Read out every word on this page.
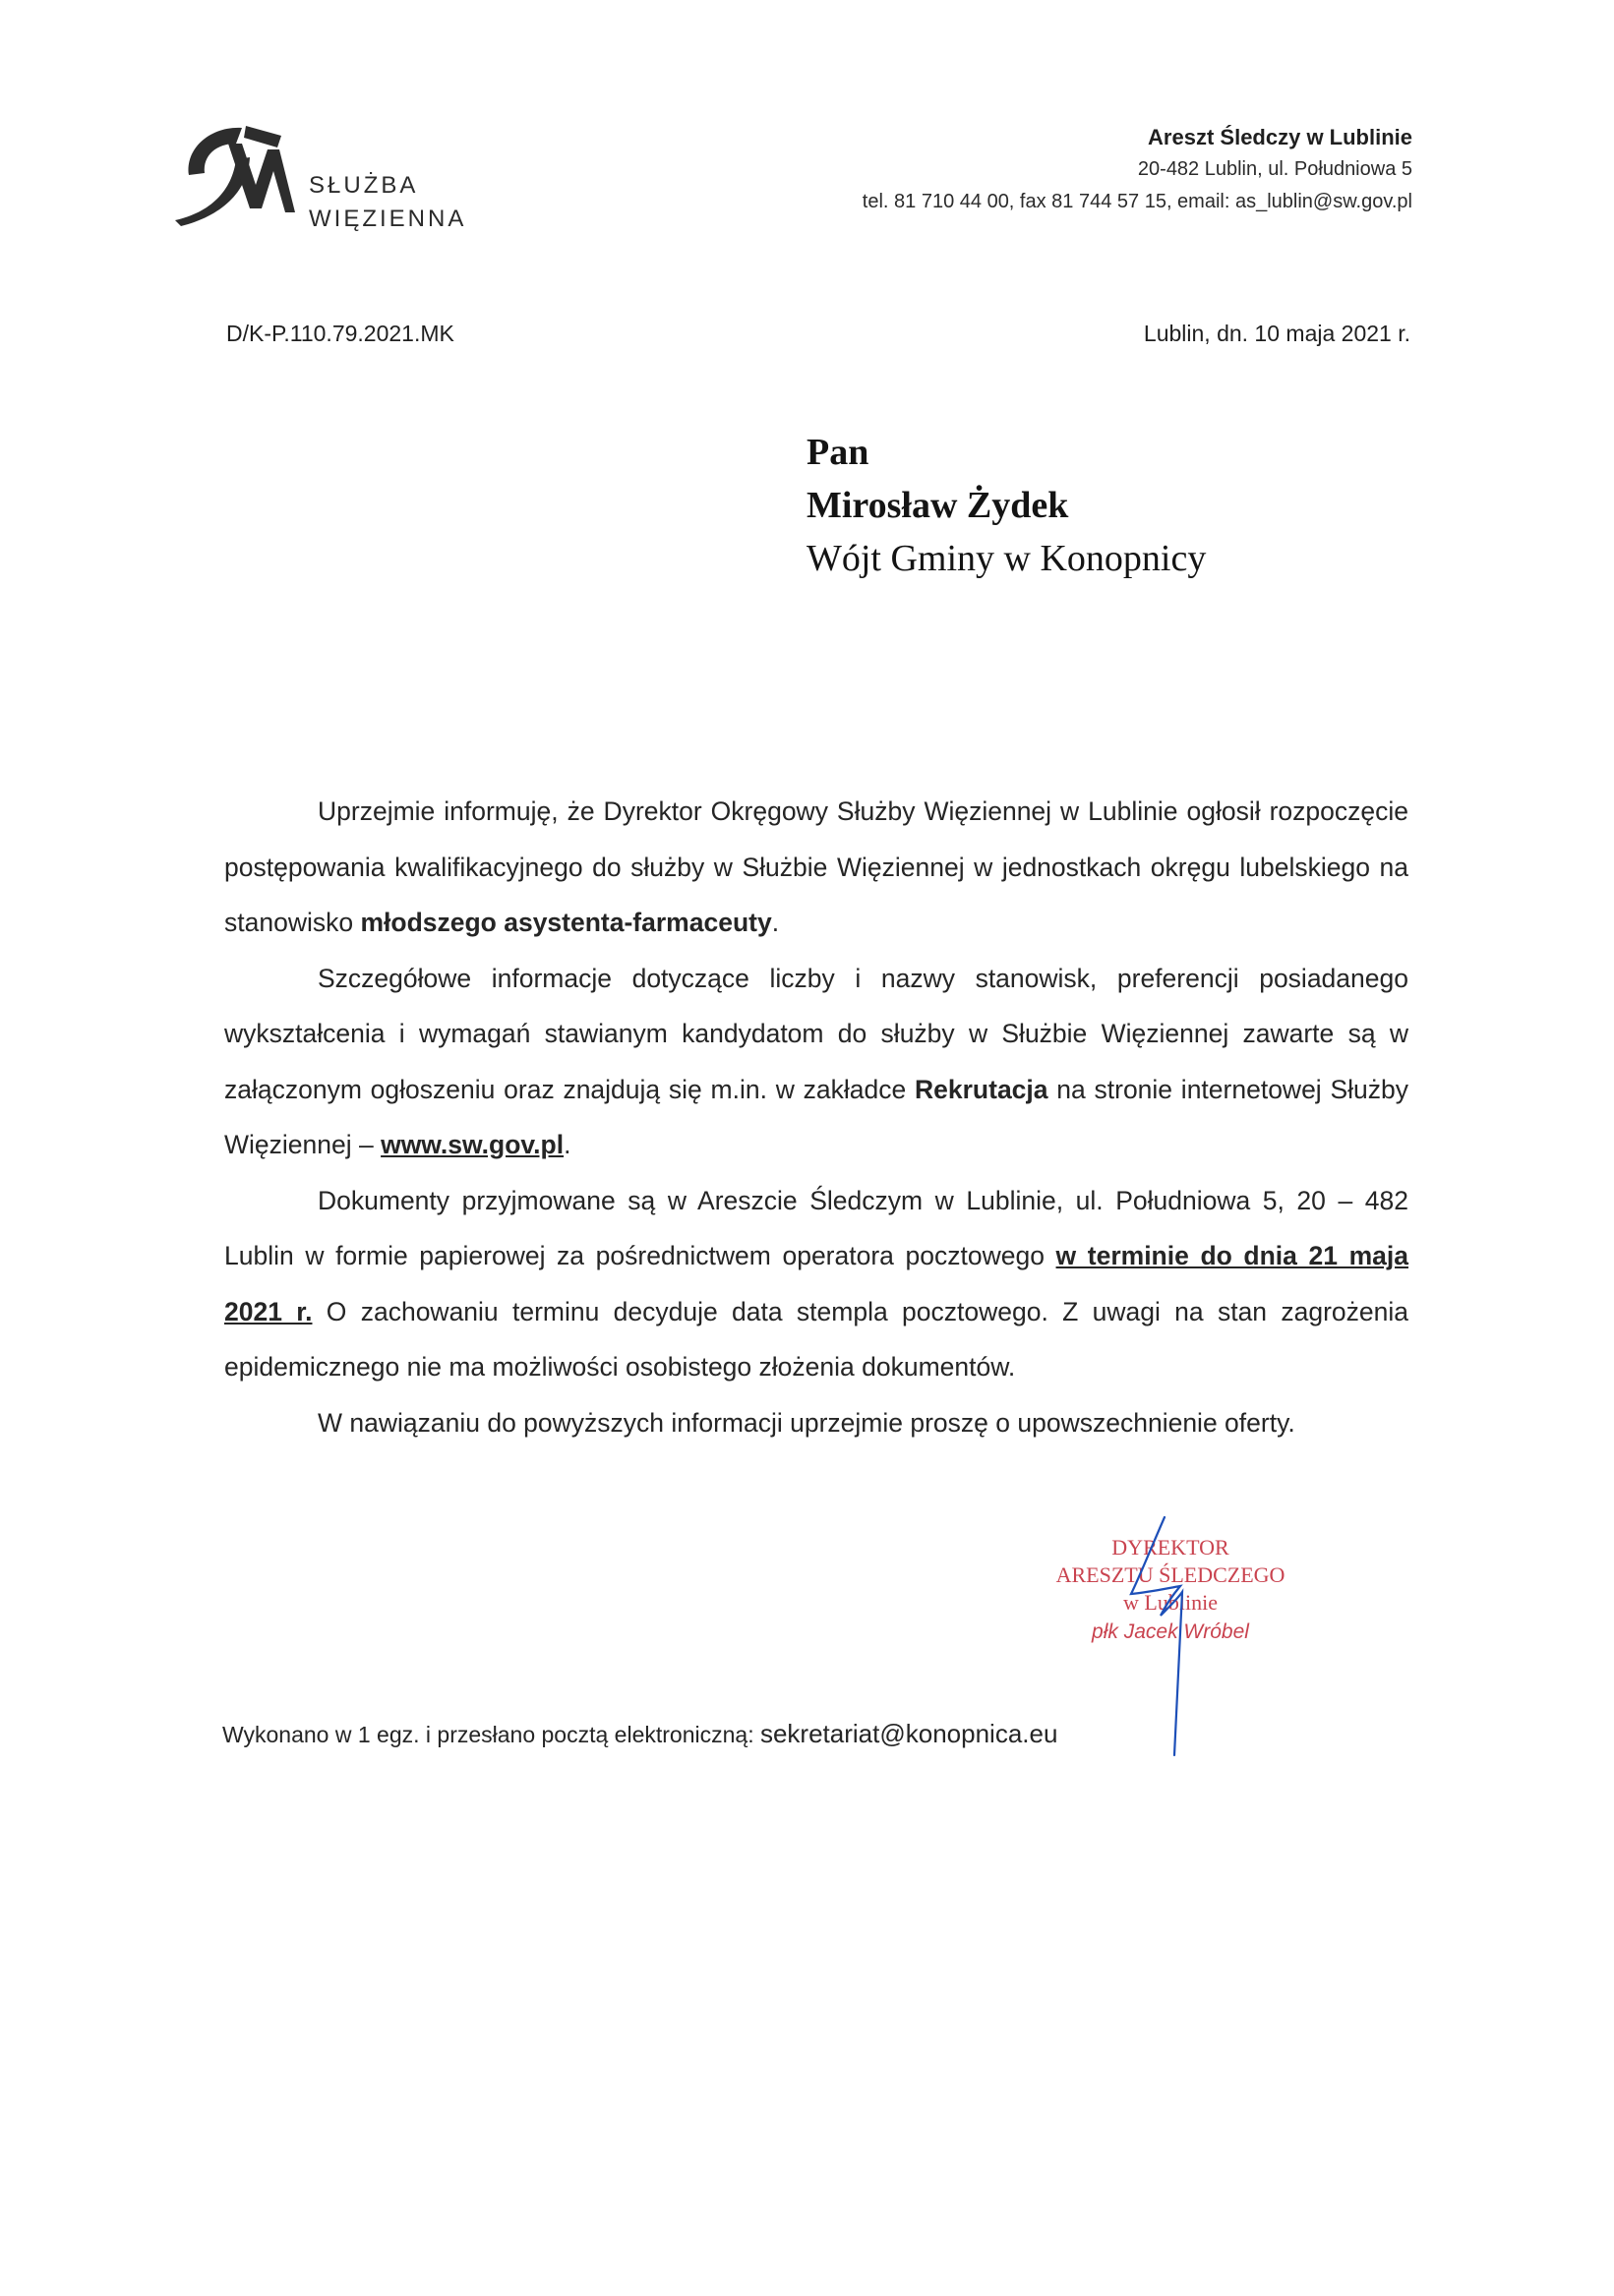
SŁUŻBA
WIĘZIENNA
Areszt Śledczy w Lublinie
20-482 Lublin, ul. Południowa 5
tel. 81 710 44 00, fax 81 744 57 15, email: as_lublin@sw.gov.pl
D/K-P.110.79.2021.MK	Lublin, dn. 10 maja 2021 r.
Pan
Mirosław Żydek
Wójt Gminy w Konopnicy

Uprzejmie informuję, że Dyrektor Okręgowy Służby Więziennej w Lublinie ogłosił rozpoczęcie postępowania kwalifikacyjnego do służby w Służbie Więziennej w jednostkach okręgu lubelskiego na stanowisko młodszego asystenta-farmaceuty.

Szczegółowe informacje dotyczące liczby i nazwy stanowisk, preferencji posiadanego wykształcenia i wymagań stawianym kandydatom do służby w Służbie Więziennej zawarte są w załączonym ogłoszeniu oraz znajdują się m.in. w zakładce Rekrutacja na stronie internetowej Służby Więziennej – www.sw.gov.pl.

Dokumenty przyjmowane są w Areszcie Śledczym w Lublinie, ul. Południowa 5, 20 – 482 Lublin w formie papierowej za pośrednictwem operatora pocztowego w terminie do dnia 21 maja 2021 r. O zachowaniu terminu decyduje data stempla pocztowego. Z uwagi na stan zagrożenia epidemicznego nie ma możliwości osobistego złożenia dokumentów.

W nawiązaniu do powyższych informacji uprzejmie proszę o upowszechnienie oferty.

DYREKTOR
ARESZTU ŚLEDCZEGO
w Lublinie
płk Jacek Wróbel
Wykonano w 1 egz. i przesłano pocztą elektroniczną: sekretariat@konopnica.eu
